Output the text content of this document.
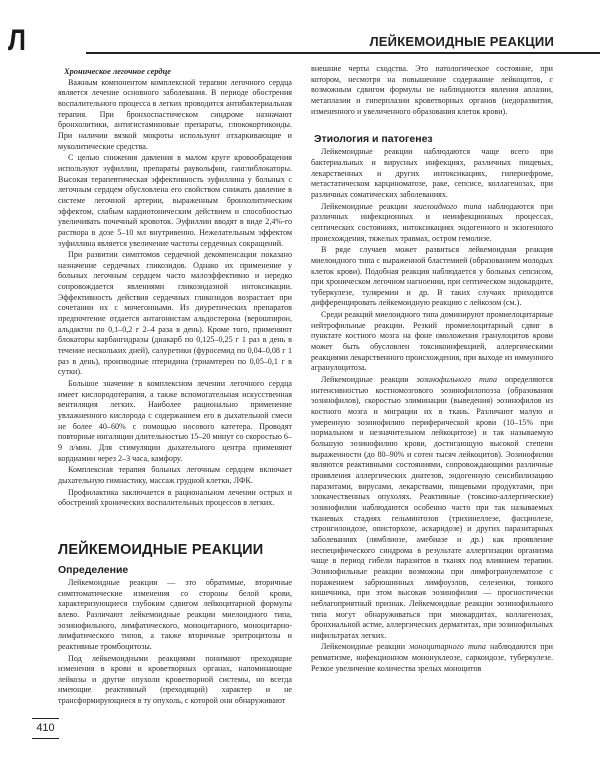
Л	ЛЕЙКЕМОИДНЫЕ РЕАКЦИИ
Хроническое легочное сердце

Важным компонентом комплексной терапии легочного сердца является лечение основного заболевания. В периоде обострения воспалительного процесса в легких проводится антибактериальная терапия. При бронхоспастическом синдроме назначают бронхолитики, антигистаминовые препараты, глюкокортикоиды. При наличии вязкой мокроты используют отхаркивающие и муколитические средства.

С целью снижения давления в малом круге кровообращения используют эуфиллин, препараты раувольфии, ганглиблокаторы. Высокая терапевтическая эффективность эуфиллина у больных с легочным сердцем обусловлена его свойством снижать давление в системе легочной артерии, выраженным бронхолитическим эффектом, слабым кардиотоническим действием и способностью увеличивать почечный кровоток. Эуфиллин вводят в виде 2,4%-го раствора в дозе 5–10 мл внутривенно. Нежелательным эффектом эуфиллина является увеличение частоты сердечных сокращений.

При развитии симптомов сердечной декомпенсации показано назначение сердечных гликозидов. Однако их применение у больных легочным сердцем часто малоэффективно и нередко сопровождается явлениями гликозидазной интоксикации. Эффективность действия сердечных гликозидов возрастает при сочетании их с мочегонными. Из диуретических препаратов предпочтение отдается антагонистам альдостерона (верошпирон, альдактон по 0,1–0,2 г 2–4 раза в день). Кроме того, применяют блокаторы карбангидразы (диакарб по 0,125–0,25 г 1 раз в день в течение нескольких дней), салуретики (фуросемид по 0,04–0,08 г 1 раз в день), производные птеридина (триамтерен по 0,05–0,1 г в сутки).

Большое значение в комплексном лечении легочного сердца имеет кислородотерапия, а также вспомогательная искусственная вентиляция легких. Наиболее рационально применение увлажненного кислорода с содержанием его в дыхательной смеси не более 40–60% с помощью носового катетера. Проводят повторные ингаляции длительностью 15–20 минут со скоростью 6–9 л/мин. Для стимуляции дыхательного центра применяют кордиамин через 2–3 часа, камфору.

Комплексная терапия больных легочным сердцем включает дыхательную гимнастику, массаж грудной клетки, ЛФК.

Профилактика заключается в рациональном лечении острых и обострений хронических воспалительных процессов в легких.

ЛЕЙКЕМОИДНЫЕ РЕАКЦИИ
Определение

Лейкемоидные реакции — это обратимые, вторичные симптоматические изменения со стороны белой крови, характеризующиеся глубоким сдвигом лейкоцитарной формулы влево. Различают лейкемоидные реакции миелоидного типа, эозинофильного, лимфатического, моноцитарного, моноцитарно-лимфатического типов, а также вторичные эритроцитозы и реактивные тромбоцитозы.

Под лейкемоидными реакциями понимают преходящие изменения в крови и кроветворных органах, напоминающие лейкозы и другие опухоли кроветворной системы, но всегда имеющие реактивный (преходящий) характер и не трансформирующиеся в ту опухоль, с которой они обнаруживают

внешние черты сходства. Это патологическое состояние, при котором, несмотря на повышенное содержание лейкоцитов, с возможным сдвигом формулы не наблюдаются явления аплазии, метаплазии и гиперплазии кроветворных органов (недоразвития, измененного и увеличенного образования клеток крови).

Этиология и патогенез

Лейкемоидные реакции наблюдаются чаще всего при бактериальных и вирусных инфекциях, различных пищевых, лекарственных и других интоксикациях, гипернефроме, метастатическом карциноматозе, раке, сепсисе, коллагенозах, при различных соматических заболеваниях.

Лейкемоидные реакции миелоидного типа наблюдаются при различных инфекционных и неинфекционных процессах, септических состояниях, интоксикациях эндогенного и экзогенного происхождения, тяжелых травмах, остром гемолизе.

В ряде случаев может развиться лейкемоидная реакция миелоидного типа с выраженной бластемией (образованием молодых клеток крови). Подобная реакция наблюдается у больных сепсисом, при хроническом легочном нагноении, при септическом эндокардите, туберкулезе, туляремии и др. В таких случаях приходится дифференцировать лейкемоидную реакцию с лейкозом (см.).

Среди реакций миелоидного типа доминируют промиелоцитарные нейтрофильные реакции. Резкий промиелоцитарный сдвиг в пунктате костного мозга на фоне омоложения гранулоцитов крови может быть обусловлен токсикоинфекцией, аллергическими реакциями лекарственного происхождения, при выходе из иммунного агранулоцитоза.

Лейкемоидные реакции эозинофильного типа определяются интенсивностью костномозгового эозинофилопоэза (образования эозинофилов), скоростью элиминации (выведения) эозинофилов из костного мозга и миграции их в ткань. Различают малую и умеренную эозинофилию периферической крови (10–15% при нормальном и незначительном лейкоцитозе) и так называемую большую эозинофилию крови, достигающую высокой степени выраженности (до 80–90% и сотен тысяч лейкоцитов). Эозинофилии являются реактивными состояниями, сопровождающими различные проявления аллергических диатезов, эндогенную сенсибилизацию паразитами, вирусами, лекарствами, пищевыми продуктами, при злокачественных опухолях. Реактивные (токсико-аллергические) эозинофилии наблюдаются особенно часто при так называемых тканевых стадиях гельминтозов (трихинеллезе, фасциолезе, стронгилоидозе, описторхозе, аскаридозе) и других паразитарных заболеваниях (лямблиозе, амебиазе и др.) как проявление неспецифического синдрома в результате аллергизации организма чаще в период гибели паразитов в тканях под влиянием терапии. Эозинофильные реакции возможны при лимфогранулематозе с поражением забрюшинных лимфоузлов, селезенки, тонкого кишечника, при этом высокая эозинофилия — прогностически неблагоприятный признак. Лейкемоидные реакции эозинофильного типа могут обнаруживаться при миокардитах, коллагенозах, бронхиальной астме, аллергических дерматитах, при эозинофильных инфильтратах легких.

Лейкемоидные реакции моноцитарного типа наблюдаются при ревматизме, инфекционном мононуклеозе, саркоидозе, туберкулезе. Резкое увеличение количества зрелых моноцитов

410
